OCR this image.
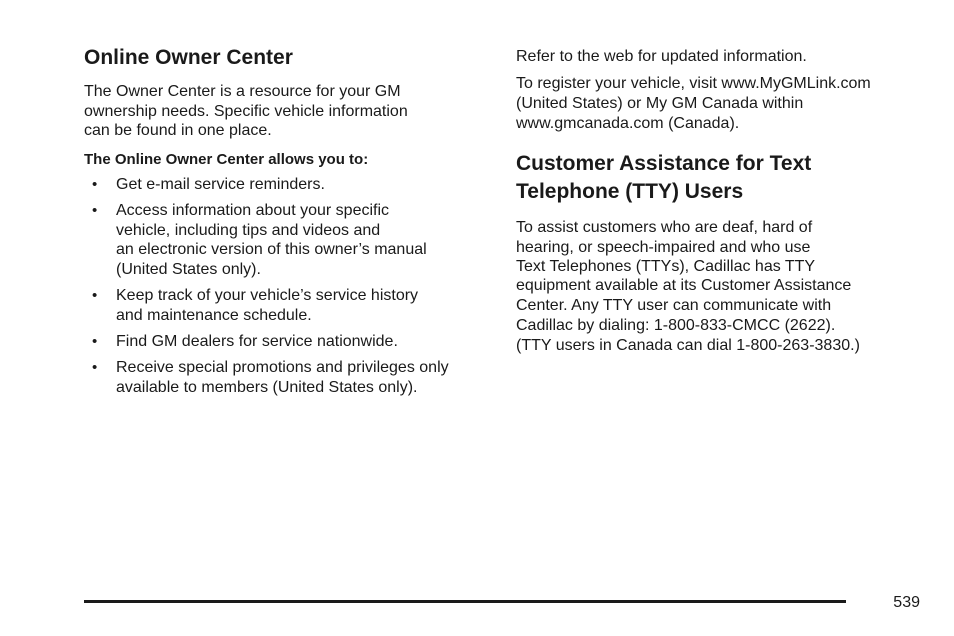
Online Owner Center

The Owner Center is a resource for your GM

ownership needs. Specific vehicle information

can be found in one place.

The Online Owner Center allows you to:

• Get e-mail service reminders.
• Access information about your specific
vehicle, including tips and videos and
an electronic version of this owner’s manual
(United States only).
• Keep track of your vehicle’s service history
and maintenance schedule.
• Find GM dealers for service nationwide.
• Receive special promotions and privileges only
available to members (United States only).

Refer to the web for updated information.

To register your vehicle, visit www.MyGMLink.com

(United States) or My GM Canada within

www.gmcanada.com (Canada).

Customer Assistance for Text
Telephone (TTY) Users

To assist customers who are deaf, hard of

hearing, or speech-impaired and who use

Text Telephones (TTYs), Cadillac has TTY

equipment available at its Customer Assistance

Center. Any TTY user can communicate with

Cadillac by dialing: 1-800-833-CMCC (2622).

(TTY users in Canada can dial 1-800-263-3830.)

539
